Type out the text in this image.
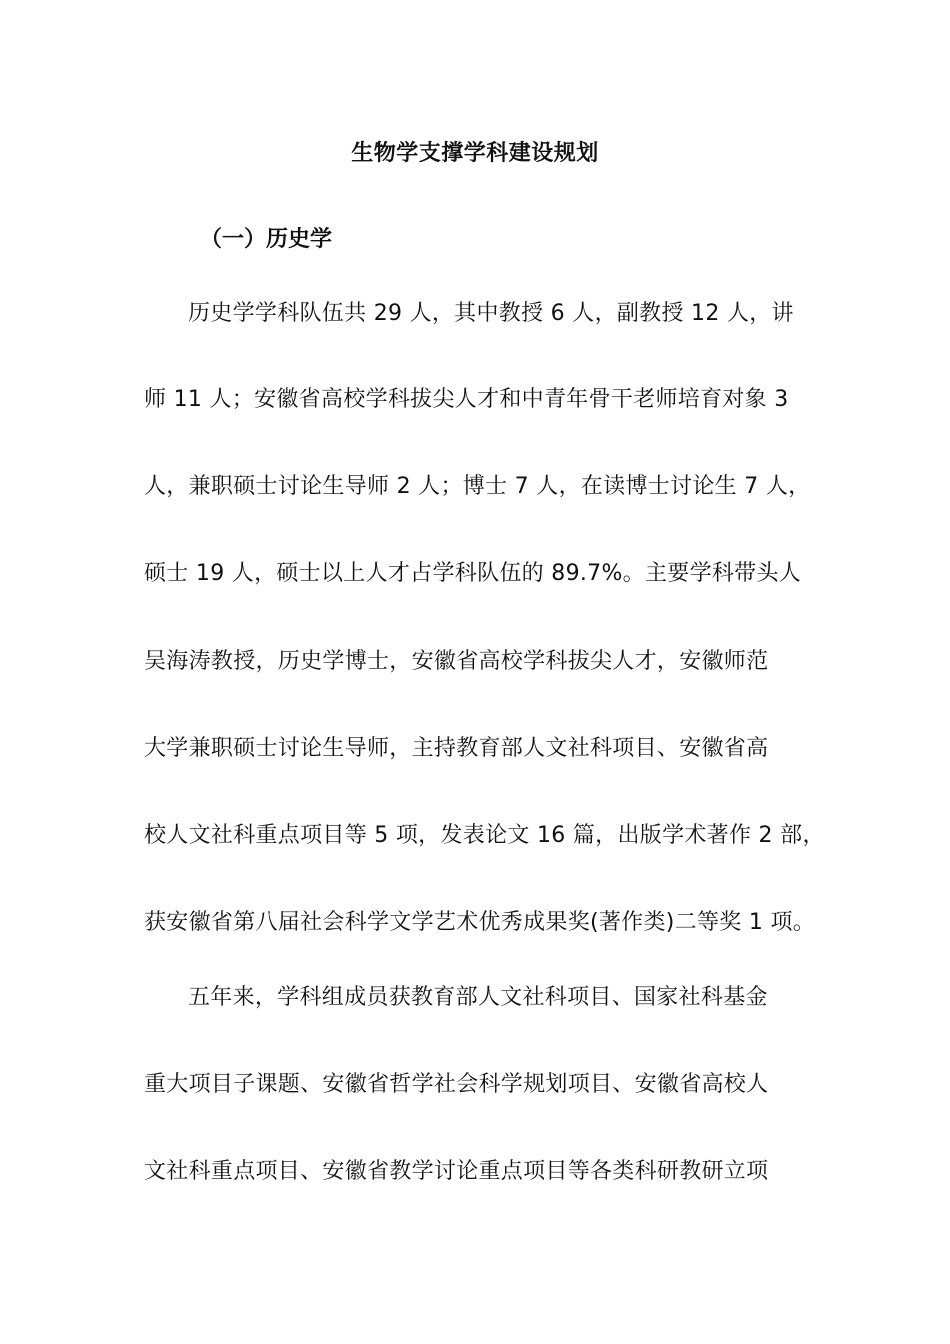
生物学支撑学科建设规划
（一）历史学
历史学学科队伍共 29 人，其中教授 6 人，副教授 12 人，讲
师 11 人；安徽省高校学科拔尖人才和中青年骨干老师培育对象 3
人，兼职硕士讨论生导师 2 人；博士 7 人，在读博士讨论生 7 人，
硕士 19 人，硕士以上人才占学科队伍的 89.7%。主要学科带头人
吴海涛教授，历史学博士，安徽省高校学科拔尖人才，安徽师范
大学兼职硕士讨论生导师，主持教育部人文社科项目、安徽省高
校人文社科重点项目等 5 项，发表论文 16 篇，出版学术著作 2 部，
获安徽省第八届社会科学文学艺术优秀成果奖(著作类)二等奖 1 项。
五年来，学科组成员获教育部人文社科项目、国家社科基金
重大项目子课题、安徽省哲学社会科学规划项目、安徽省高校人
文社科重点项目、安徽省教学讨论重点项目等各类科研教研立项
